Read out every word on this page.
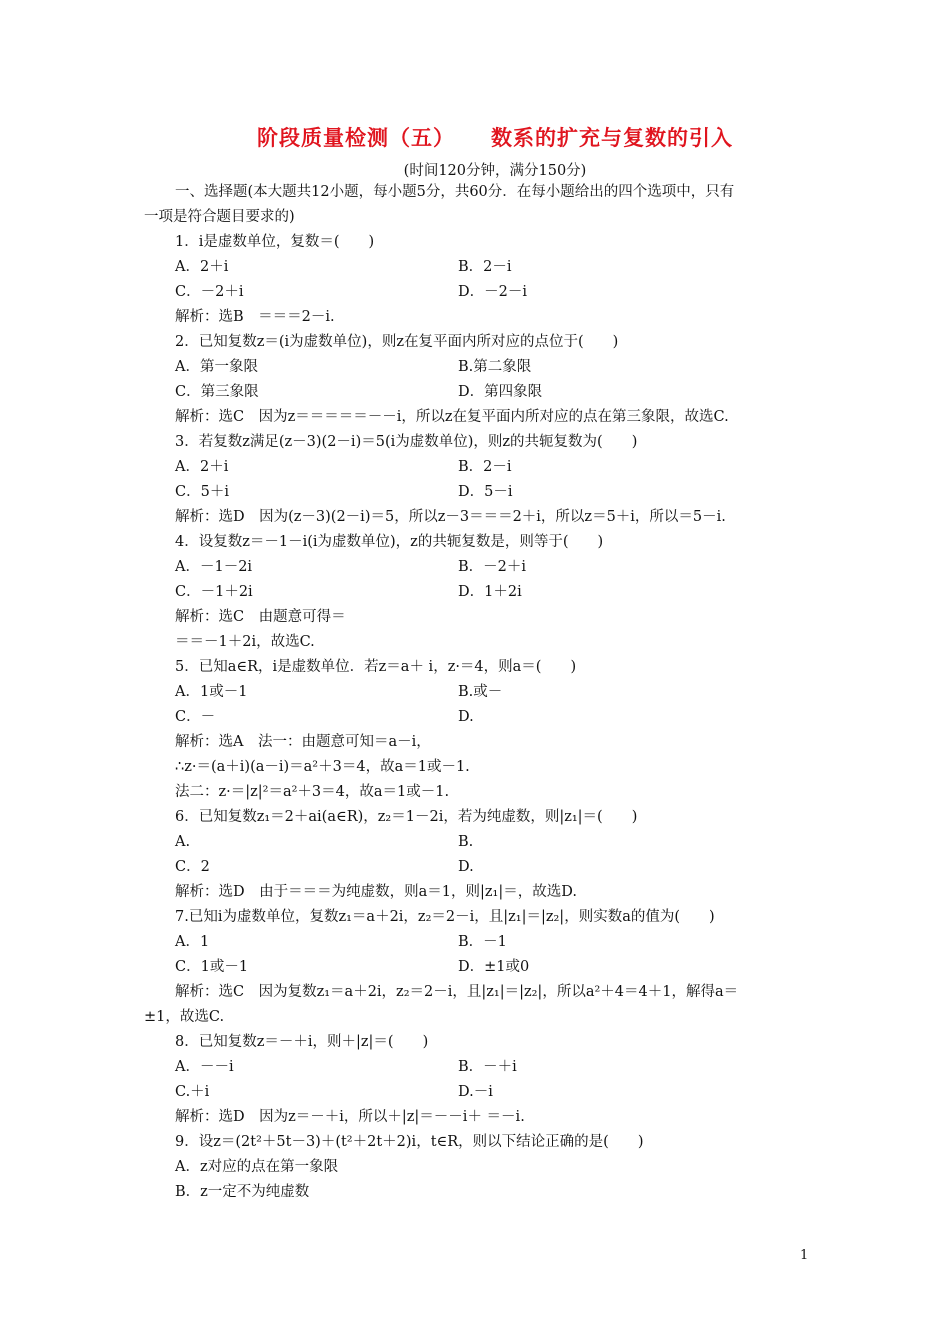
阶段质量检测（五） 数系的扩充与复数的引入
(时间120分钟，满分150分)
一、选择题(本大题共12小题，每小题5分，共60分．在每小题给出的四个选项中，只有
一项是符合题目要求的)
1．i是虚数单位，复数＝(　　)
A．2＋i	B．2－i
C．－2＋i	D．－2－i
解析：选B　＝＝＝2－i.
2．已知复数z＝(i为虚数单位)，则z在复平面内所对应的点位于(　　)
A．第一象限	B.第二象限
C．第三象限	D．第四象限
解析：选C　因为z＝＝＝＝＝－－i，所以z在复平面内所对应的点在第三象限，故选C.
3．若复数z满足(z－3)(2－i)＝5(i为虚数单位)，则z的共轭复数为(　　)
A．2＋i	B．2－i
C．5＋i	D．5－i
解析：选D　因为(z－3)(2－i)＝5，所以z－3＝＝＝2＋i，所以z＝5＋i，所以＝5－i.
4．设复数z＝－1－i(i为虚数单位)，z的共轭复数是，则等于(　　)
A．－1－2i	B．－2＋i
C．－1＋2i	D．1＋2i
解析：选C　由题意可得＝
＝＝－1＋2i，故选C.
5．已知a∈R，i是虚数单位．若z＝a＋ i，z·＝4，则a＝(　　)
A．1或－1	B.或－
C．－	D.
解析：选A　法一：由题意可知＝a－i，
∴z·＝(a＋i)(a－i)＝a²＋3＝4，故a＝1或－1.
法二：z·＝|z|²＝a²＋3＝4，故a＝1或－1.
6．已知复数z₁＝2＋ai(a∈R)，z₂＝1－2i，若为纯虚数，则|z₁|＝(　　)
A.	B.
C．2	D.
解析：选D　由于＝＝＝为纯虚数，则a＝1，则|z₁|＝，故选D.
7.已知i为虚数单位，复数z₁＝a＋2i，z₂＝2－i，且|z₁|＝|z₂|，则实数a的值为(　　)
A．1	B．－1
C．1或－1	D．±1或0
解析：选C　因为复数z₁＝a＋2i，z₂＝2－i，且|z₁|＝|z₂|，所以a²＋4＝4＋1，解得a＝
±1，故选C.
8．已知复数z＝－＋i，则＋|z|＝(　　)
A．－－i	B．－＋i
C.＋i	D.－i
解析：选D　因为z＝－＋i，所以＋|z|＝－－i＋ ＝－i.
9．设z＝(2t²＋5t－3)＋(t²＋2t＋2)i，t∈R，则以下结论正确的是(　　)
A．z对应的点在第一象限
B．z一定不为纯虚数
1
